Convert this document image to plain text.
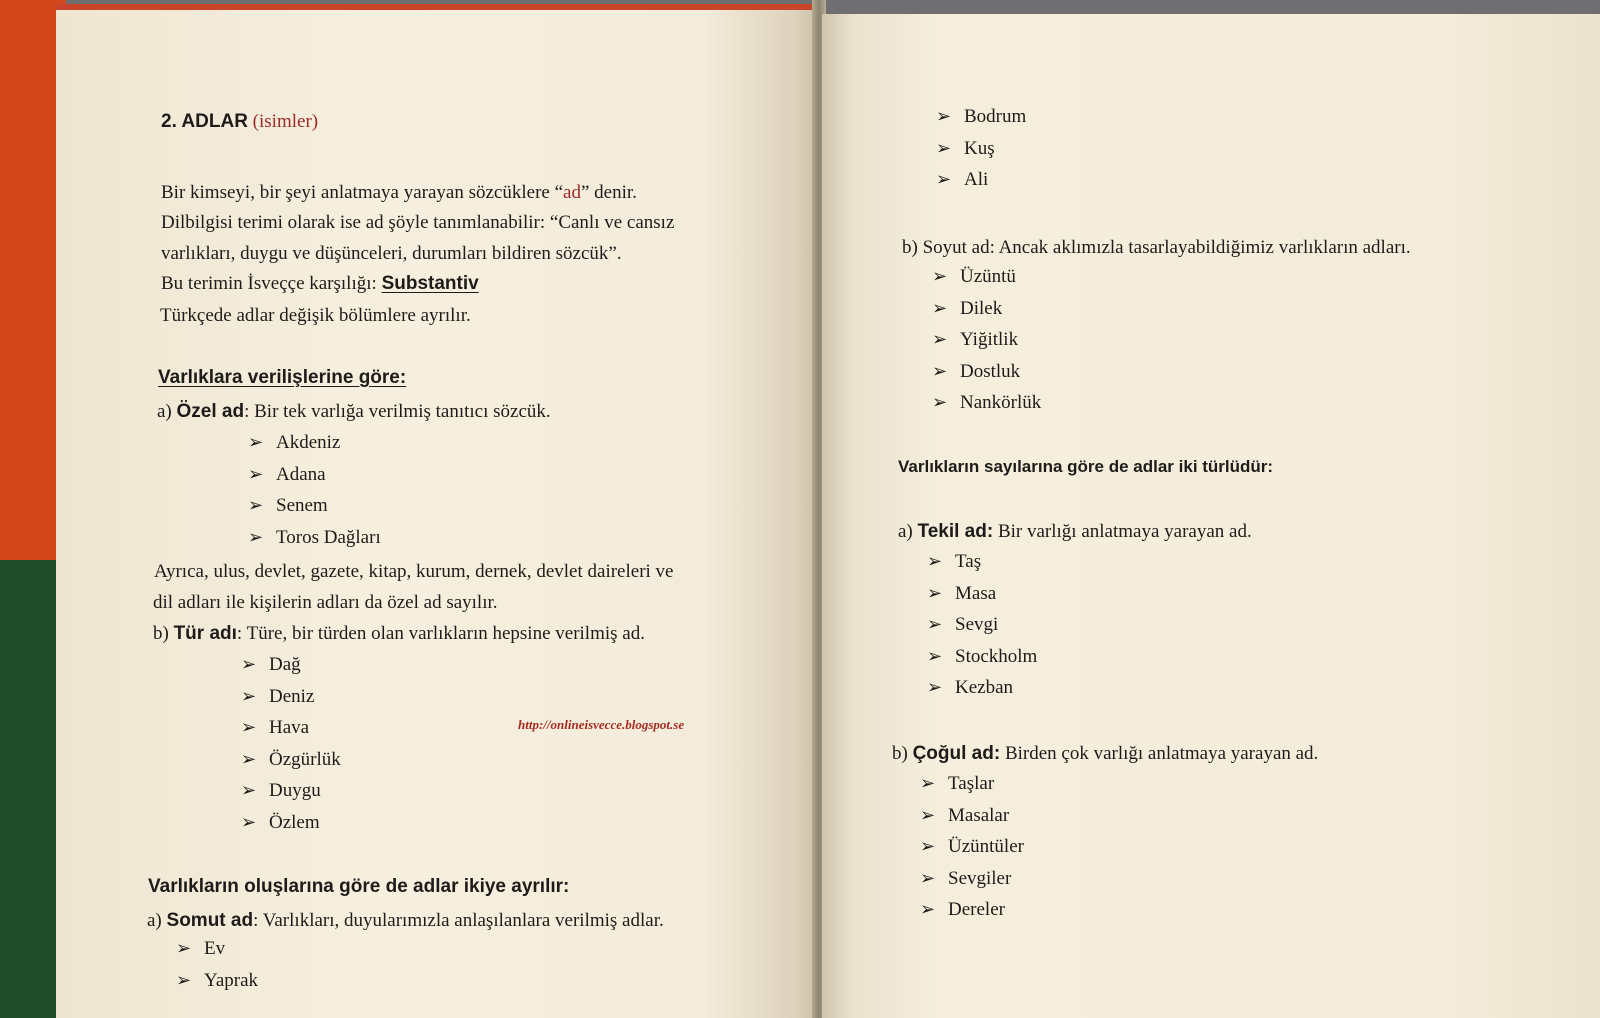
2. ADLAR (isimler)
Bir kimseyi, bir şeyi anlatmaya yarayan sözcüklere “ad” denir.
Dilbilgisi terimi olarak ise ad şöyle tanımlanabilir: “Canlı ve cansız
varlıkları, duygu ve düşünceleri, durumları bildiren sözcük”.
Bu terimin İsveççe karşılığı: Substantiv
Türkçede adlar değişik bölümlere ayrılır.
Varlıklara verilişlerine göre:
a) Özel ad: Bir tek varlığa verilmiş tanıtıcı sözcük.
➢ Akdeniz
➢ Adana
➢ Senem
➢ Toros Dağları
Ayrıca, ulus, devlet, gazete, kitap, kurum, dernek, devlet daireleri ve
dil adları ile kişilerin adları da özel ad sayılır.
b) Tür adı: Türe, bir türden olan varlıkların hepsine verilmiş ad.
➢ Dağ
➢ Deniz
➢ Hava
➢ Özgürlük
➢ Duygu
➢ Özlem
http://onlineisvecce.blogspot.se
Varlıkların oluşlarına göre de adlar ikiye ayrılır:
a) Somut ad: Varlıkları, duyularımızla anlaşılanlara verilmiş adlar.
➢ Ev
➢ Yaprak
➢ Bodrum
➢ Kuş
➢ Ali
b) Soyut ad: Ancak aklımızla tasarlayabildiğimiz varlıkların adları.
➢ Üzüntü
➢ Dilek
➢ Yiğitlik
➢ Dostluk
➢ Nankörlük
Varlıkların sayılarına göre de adlar iki türlüdür:
a) Tekil ad: Bir varlığı anlatmaya yarayan ad.
➢ Taş
➢ Masa
➢ Sevgi
➢ Stockholm
➢ Kezban
b) Çoğul ad: Birden çok varlığı anlatmaya yarayan ad.
➢ Taşlar
➢ Masalar
➢ Üzüntüler
➢ Sevgiler
➢ Dereler
